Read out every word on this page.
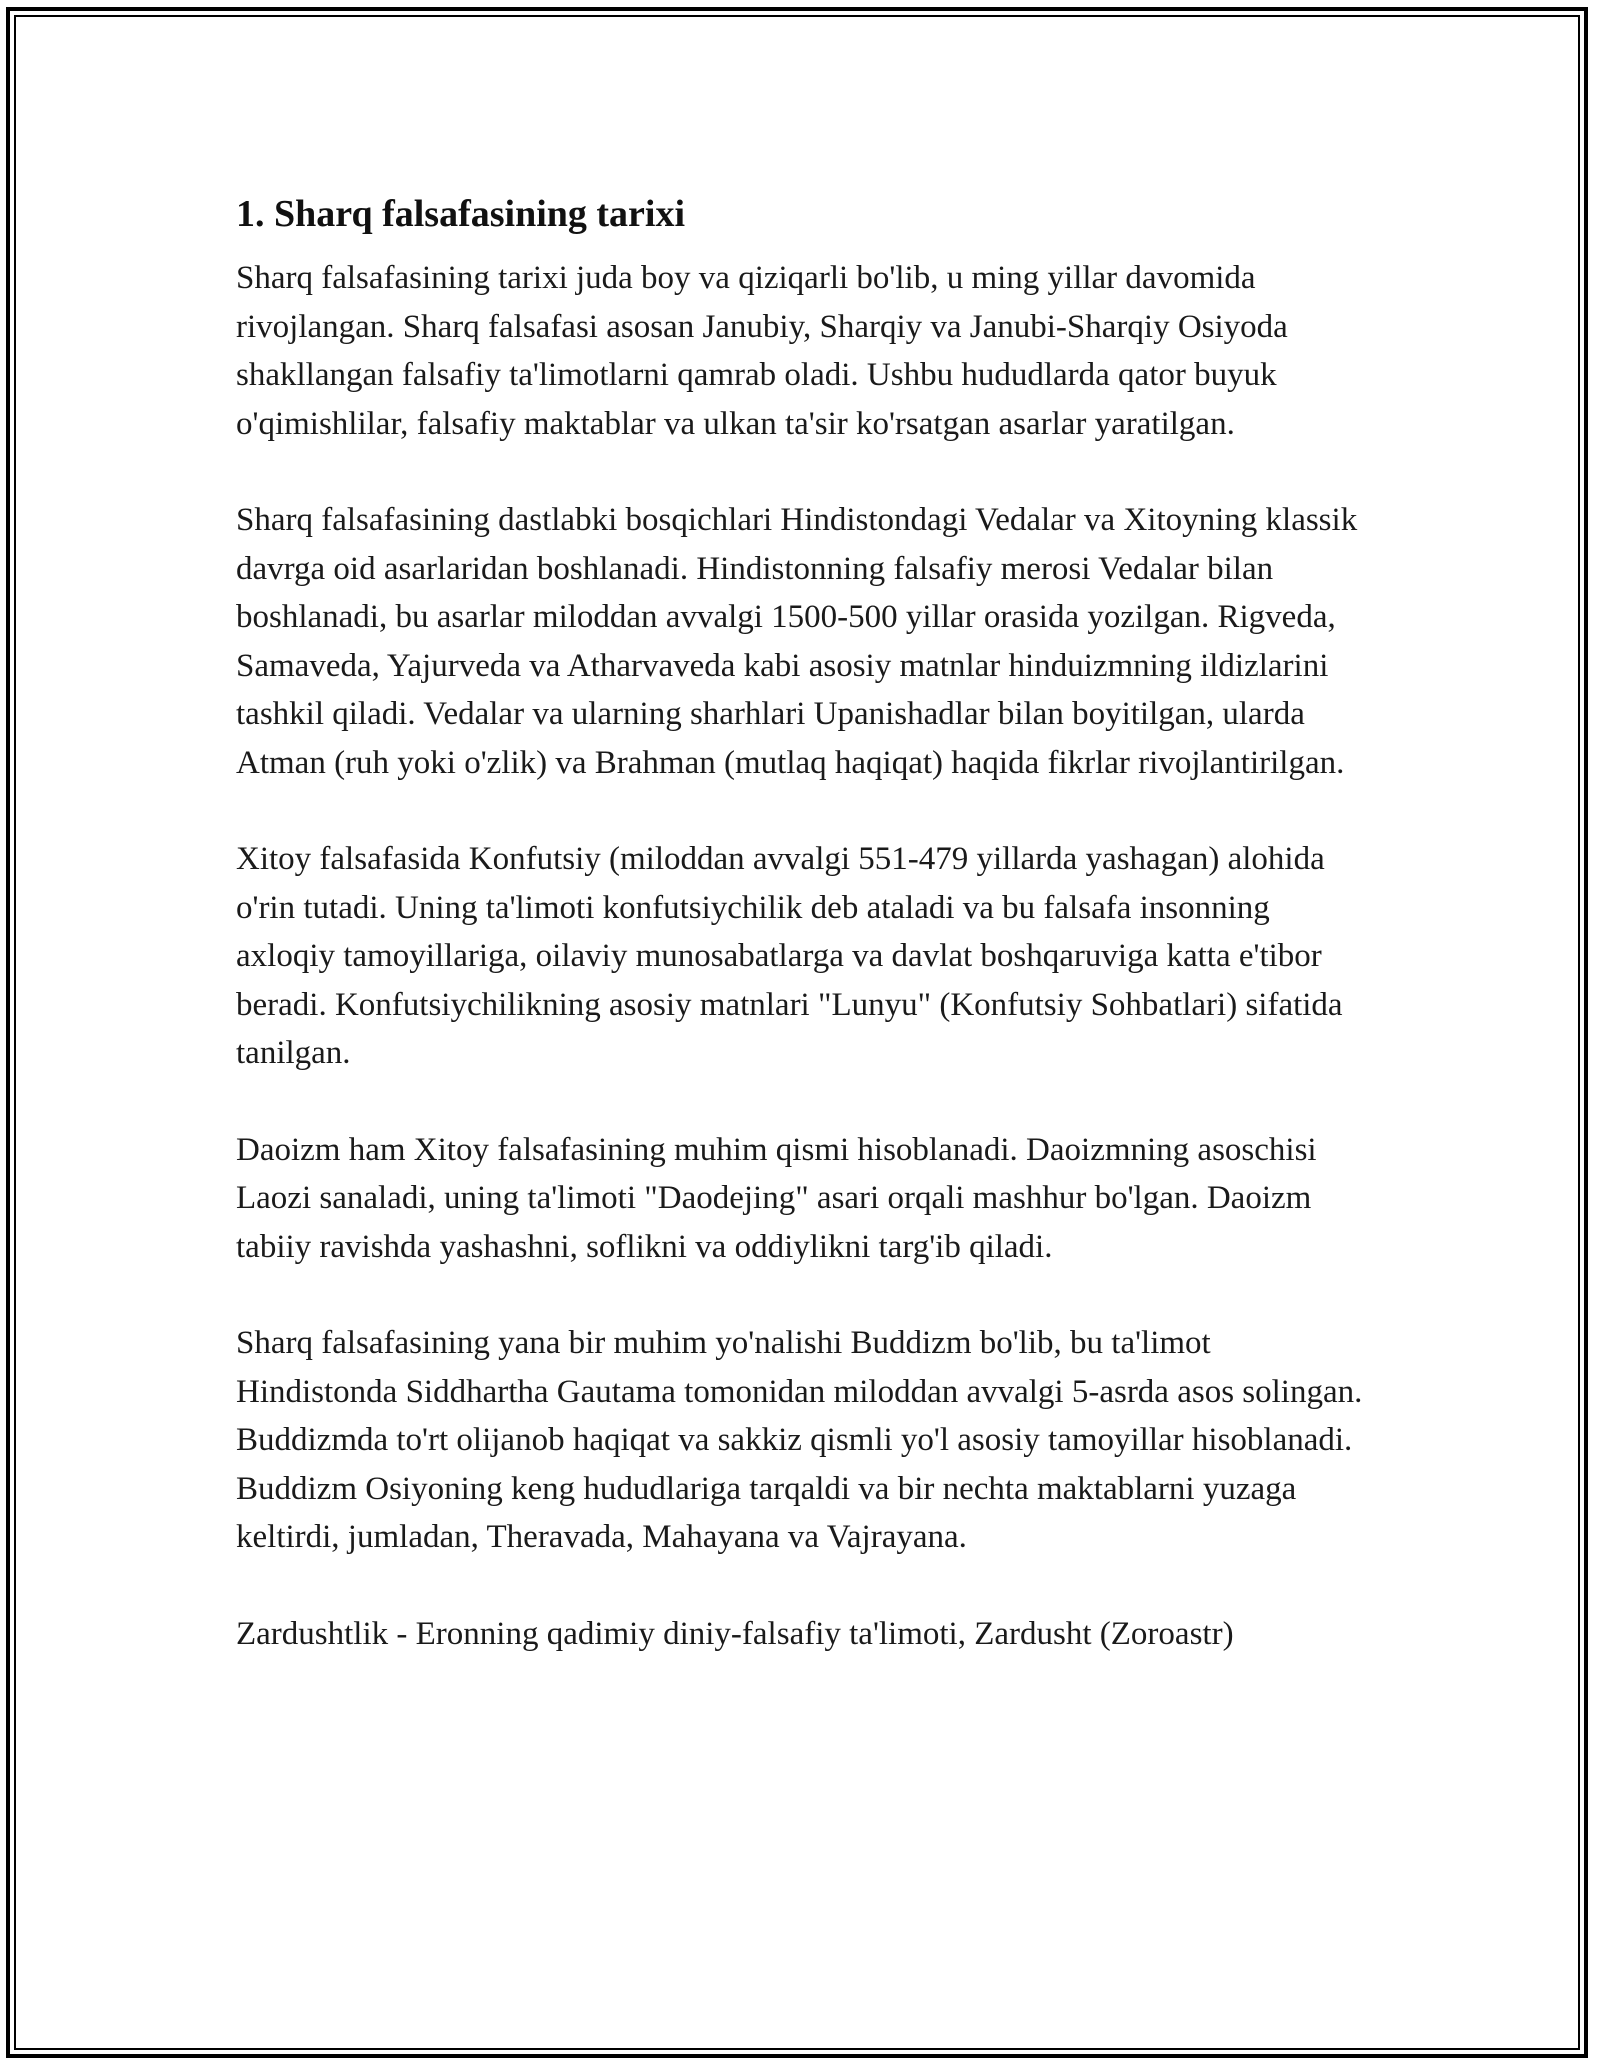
1. Sharq falsafasining tarixi

Sharq falsafasining tarixi juda boy va qiziqarli bo'lib, u ming yillar davomida rivojlangan. Sharq falsafasi asosan Janubiy, Sharqiy va Janubi-Sharqiy Osiyoda shakllangan falsafiy ta'limotlarni qamrab oladi. Ushbu hududlarda qator buyuk o'qimishlilar, falsafiy maktablar va ulkan ta'sir ko'rsatgan asarlar yaratilgan.

Sharq falsafasining dastlabki bosqichlari Hindistondagi Vedalar va Xitoyning klassik davrga oid asarlaridan boshlanadi. Hindistonning falsafiy merosi Vedalar bilan boshlanadi, bu asarlar miloddan avvalgi 1500-500 yillar orasida yozilgan. Rigveda, Samaveda, Yajurveda va Atharvaveda kabi asosiy matnlar hinduizmning ildizlarini tashkil qiladi. Vedalar va ularning sharhlari Upanishadlar bilan boyitilgan, ularda Atman (ruh yoki o'zlik) va Brahman (mutlaq haqiqat) haqida fikrlar rivojlantirilgan.

Xitoy falsafasida Konfutsiy (miloddan avvalgi 551-479 yillarda yashagan) alohida o'rin tutadi. Uning ta'limoti konfutsiychilik deb ataladi va bu falsafa insonning axloqiy tamoyillariga, oilaviy munosabatlarga va davlat boshqaruviga katta e'tibor beradi. Konfutsiychilikning asosiy matnlari "Lunyu" (Konfutsiy Sohbatlari) sifatida tanilgan.

Daoizm ham Xitoy falsafasining muhim qismi hisoblanadi. Daoizmning asoschisi Laozi sanaladi, uning ta'limoti "Daodejing" asari orqali mashhur bo'lgan. Daoizm tabiiy ravishda yashashni, soflikni va oddiylikni targ'ib qiladi.

Sharq falsafasining yana bir muhim yo'nalishi Buddizm bo'lib, bu ta'limot Hindistonda Siddhartha Gautama tomonidan miloddan avvalgi 5-asrda asos solingan. Buddizmda to'rt olijanob haqiqat va sakkiz qismli yo'l asosiy tamoyillar hisoblanadi. Buddizm Osiyoning keng hududlariga tarqaldi va bir nechta maktablarni yuzaga keltirdi, jumladan, Theravada, Mahayana va Vajrayana.

Zardushtlik - Eronning qadimiy diniy-falsafiy ta'limoti, Zardusht (Zoroastr)
